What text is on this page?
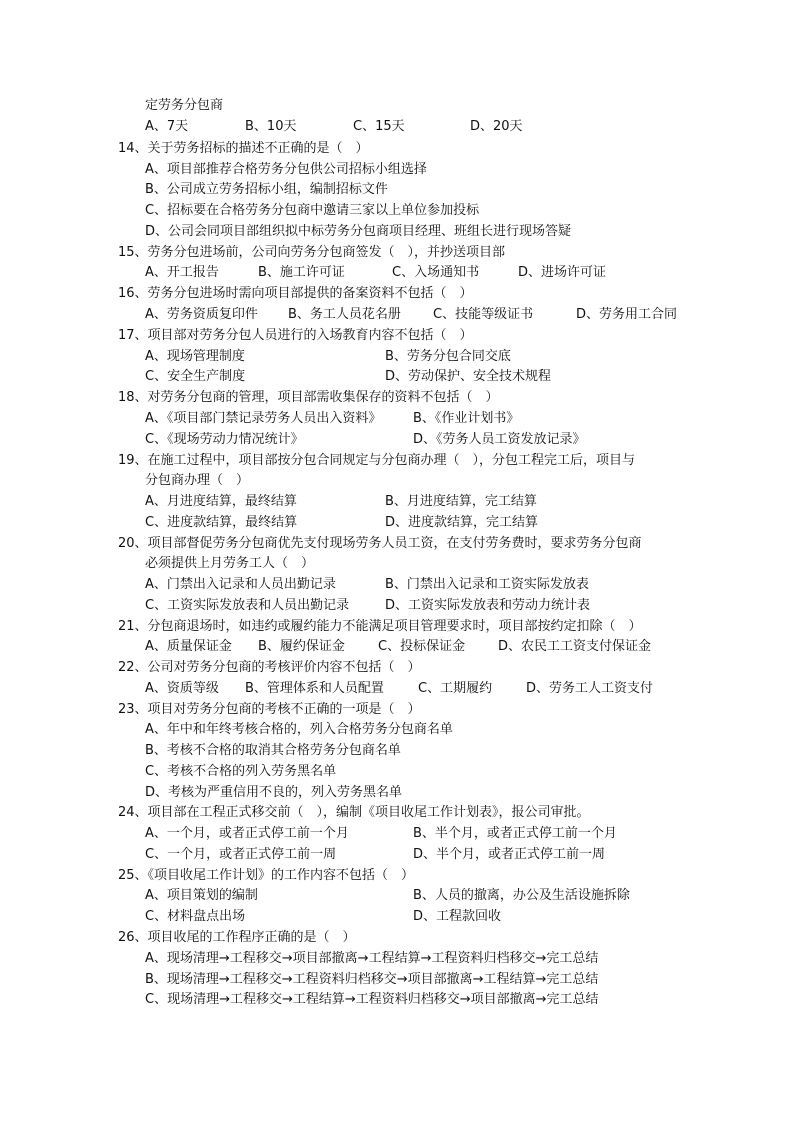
定劳务分包商
A、7天	B、10天	C、15天	D、20天
14、关于劳务招标的描述不正确的是（　）
A、项目部推荐合格劳务分包供公司招标小组选择
B、公司成立劳务招标小组，编制招标文件
C、招标要在合格劳务分包商中邀请三家以上单位参加投标
D、公司会同项目部组织拟中标劳务分包商项目经理、班组长进行现场答疑
15、劳务分包进场前，公司向劳务分包商签发（　），并抄送项目部
A、开工报告	B、施工许可证	C、入场通知书	D、进场许可证
16、劳务分包进场时需向项目部提供的备案资料不包括（　）
A、劳务资质复印件 B、务工人员花名册 C、技能等级证书	D、劳务用工合同
17、项目部对劳务分包人员进行的入场教育内容不包括（　）
A、现场管理制度	B、劳务分包合同交底
C、安全生产制度	D、劳动保护、安全技术规程
18、对劳务分包商的管理，项目部需收集保存的资料不包括（　）
A、《项目部门禁记录劳务人员出入资料》 B、《作业计划书》
C、《现场劳动力情况统计》	D、《劳务人员工资发放记录》
19、在施工过程中，项目部按分包合同规定与分包商办理（　），分包工程完工后，项目与
分包商办理（　）
A、月进度结算，最终结算	B、月进度结算，完工结算
C、进度款结算，最终结算	D、进度款结算，完工结算
20、项目部督促劳务分包商优先支付现场劳务人员工资，在支付劳务费时，要求劳务分包商
必须提供上月劳务工人（　）
A、门禁出入记录和人员出勤记录	B、门禁出入记录和工资实际发放表
C、工资实际发放表和人员出勤记录	D、工资实际发放表和劳动力统计表
21、分包商退场时，如违约或履约能力不能满足项目管理要求时，项目部按约定扣除（　）
A、质量保证金 B、履约保证金	C、投标保证金	D、农民工工资支付保证金
22、公司对劳务分包商的考核评价内容不包括（　）
A、资质等级 B、管理体系和人员配置	C、工期履约	D、劳务工人工资支付
23、项目对劳务分包商的考核不正确的一项是（　）
A、年中和年终考核合格的，列入合格劳务分包商名单
B、考核不合格的取消其合格劳务分包商名单
C、考核不合格的列入劳务黑名单
D、考核为严重信用不良的，列入劳务黑名单
24、项目部在工程正式移交前（　），编制《项目收尾工作计划表》，报公司审批。
A、一个月，或者正式停工前一个月	B、半个月，或者正式停工前一个月
C、一个月，或者正式停工前一周	D、半个月，或者正式停工前一周
25、《项目收尾工作计划》的工作内容不包括（　）
A、项目策划的编制	B、人员的撤离，办公及生活设施拆除
C、材料盘点出场	D、工程款回收
26、项目收尾的工作程序正确的是（　）
A、现场清理→工程移交→项目部撤离→工程结算→工程资料归档移交→完工总结
B、现场清理→工程移交→工程资料归档移交→项目部撤离→工程结算→完工总结
C、现场清理→工程移交→工程结算→工程资料归档移交→项目部撤离→完工总结
